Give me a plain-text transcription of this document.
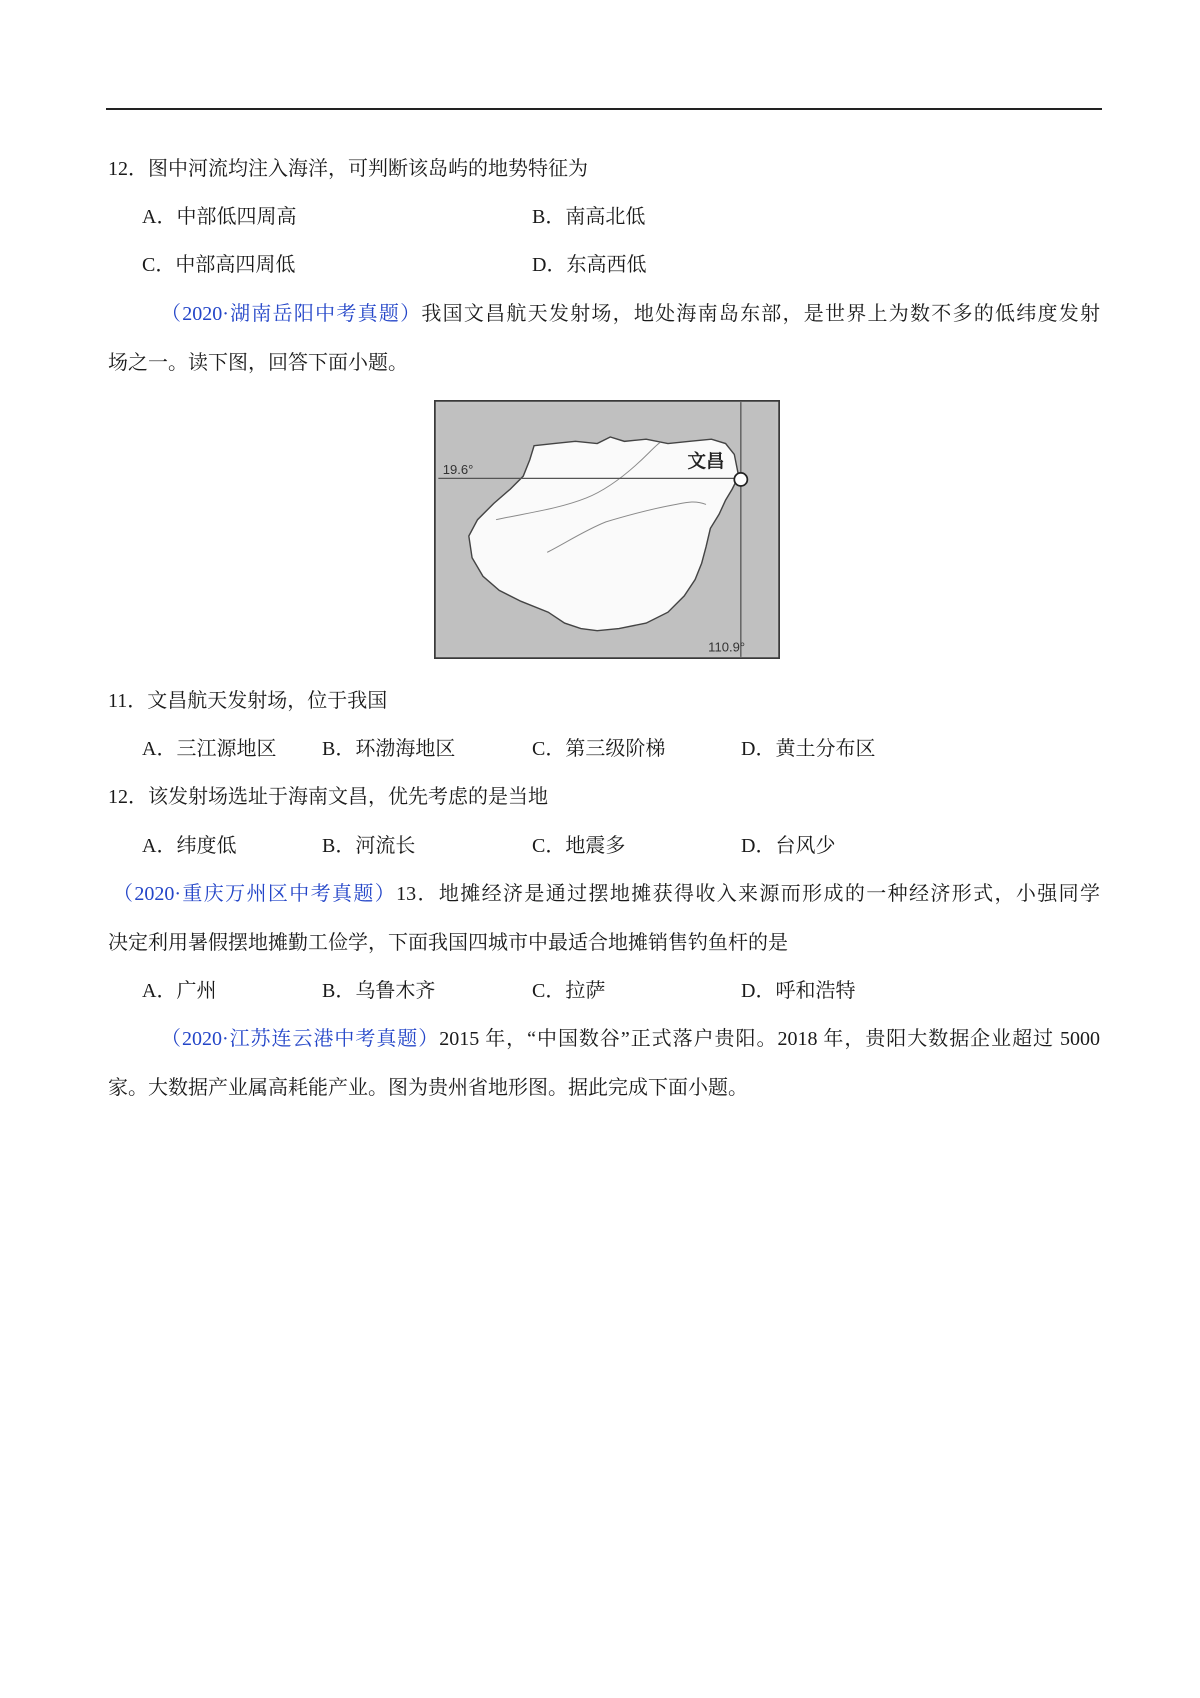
12．图中河流均注入海洋，可判断该岛屿的地势特征为
A．中部低四周高	B．南高北低
C．中部高四周低	D．东高西低
（2020·湖南岳阳中考真题）我国文昌航天发射场，地处海南岛东部，是世界上为数不多的低纬度发射
场之一。读下图，回答下面小题。
19.6°	文昌
110.9°
11．文昌航天发射场，位于我国
A．三江源地区 B．环渤海地区	C．第三级阶梯	D．黄土分布区
12．该发射场选址于海南文昌，优先考虑的是当地
A．纬度低	B．河流长	C．地震多	D．台风少
（2020·重庆万州区中考真题）13．地摊经济是通过摆地摊获得收入来源而形成的一种经济形式，小强同学
决定利用暑假摆地摊勤工俭学，下面我国四城市中最适合地摊销售钓鱼杆的是
A．广州	B．乌鲁木齐	C．拉萨	D．呼和浩特
（2020·江苏连云港中考真题）2015 年，“中国数谷”正式落户贵阳。2018 年，贵阳大数据企业超过 5000
家。大数据产业属高耗能产业。图为贵州省地形图。据此完成下面小题。
